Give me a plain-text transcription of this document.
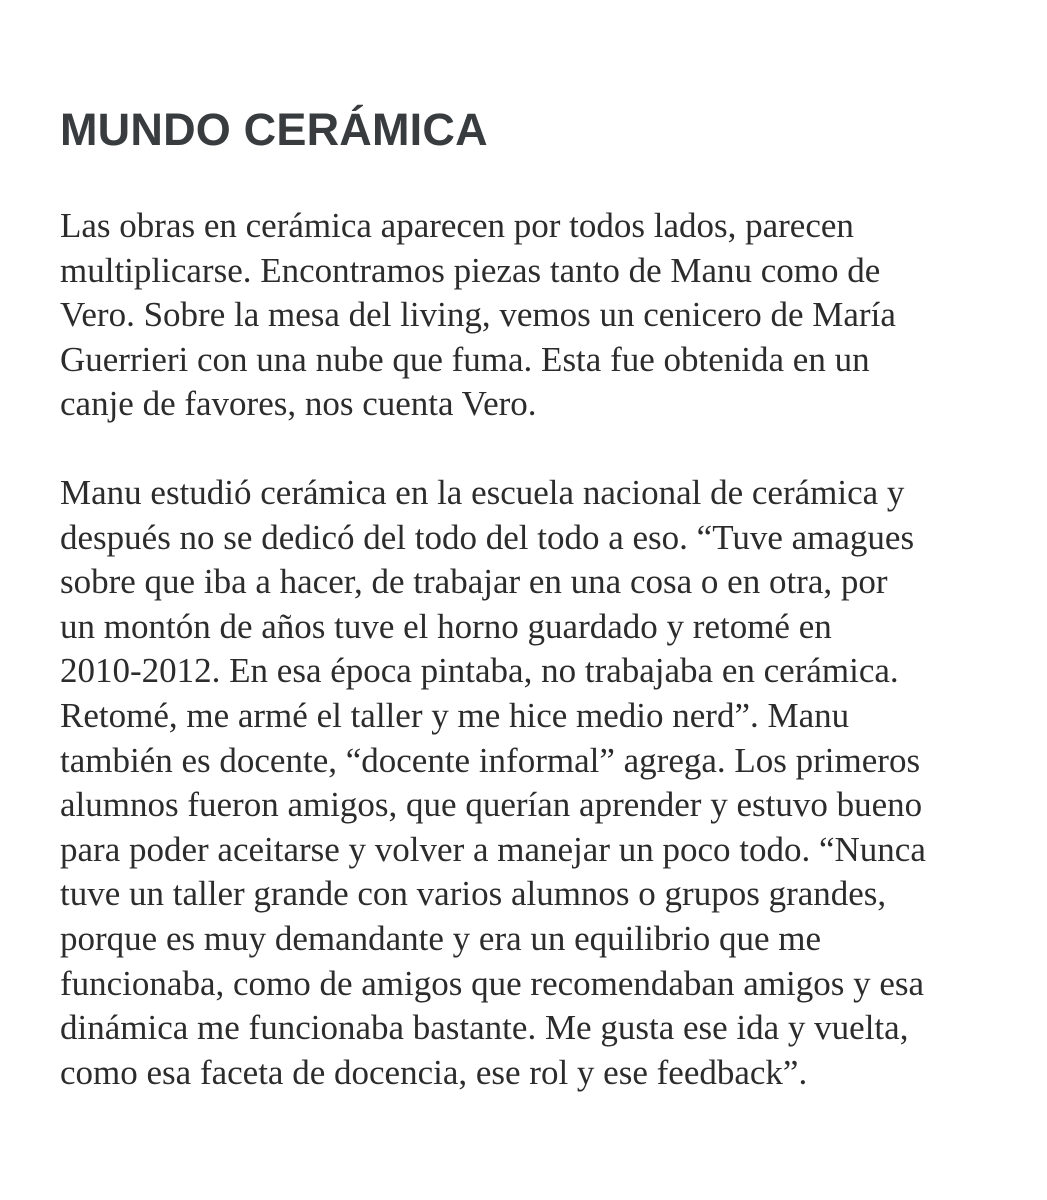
MUNDO CERÁMICA

Las obras en cerámica aparecen por todos lados, parecen
multiplicarse. Encontramos piezas tanto de Manu como de
Vero. Sobre la mesa del living, vemos un cenicero de María
Guerrieri con una nube que fuma. Esta fue obtenida en un
canje de favores, nos cuenta Vero.

Manu estudió cerámica en la escuela nacional de cerámica y
después no se dedicó del todo del todo a eso. “Tuve amagues
sobre que iba a hacer, de trabajar en una cosa o en otra, por
un montón de años tuve el horno guardado y retomé en
2010-2012. En esa época pintaba, no trabajaba en cerámica.
Retomé, me armé el taller y me hice medio nerd”. Manu
también es docente, “docente informal” agrega. Los primeros
alumnos fueron amigos, que querían aprender y estuvo bueno
para poder aceitarse y volver a manejar un poco todo. “Nunca
tuve un taller grande con varios alumnos o grupos grandes,
porque es muy demandante y era un equilibrio que me
funcionaba, como de amigos que recomendaban amigos y esa
dinámica me funcionaba bastante. Me gusta ese ida y vuelta,
como esa faceta de docencia, ese rol y ese feedback”.
